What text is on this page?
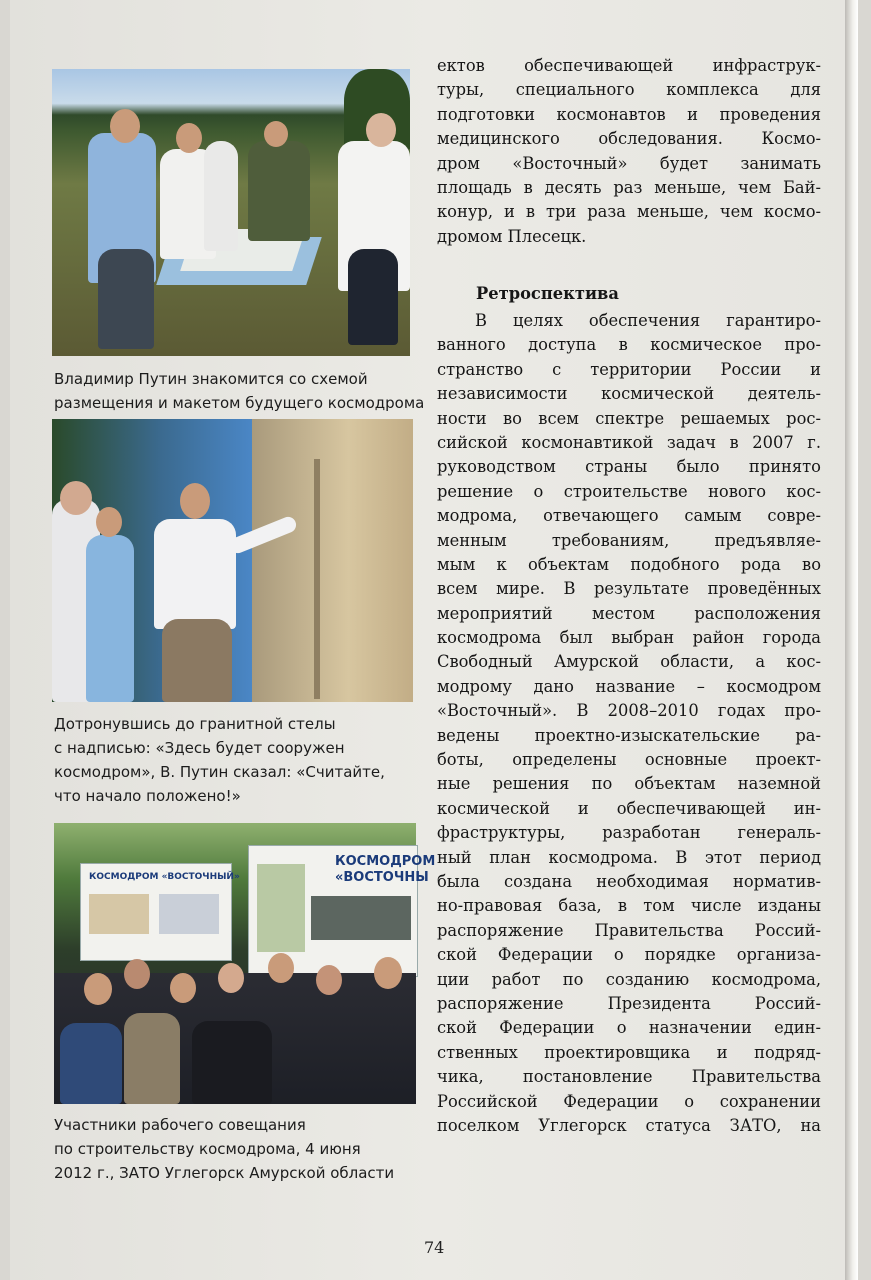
Владимир Путин знакомится со схемой
размещения и макетом будущего космодрома
Дотронувшись до гранитной стелы
с надписью: «Здесь будет сооружен
космодром», В. Путин сказал: «Считайте,
что начало положено!»
КОСМОДРОМ «ВОСТОЧНЫЙ»
КОСМОДРОМ
«ВОСТОЧНЫ
Участники рабочего совещания
по строительству космодрома, 4 июня
2012 г., ЗАТО Углегорск Амурской области
ектов обеспечивающей инфраструк-
туры, специального комплекса для
подготовки космонавтов и проведения
медицинского обследования. Космо-
дром «Восточный» будет занимать
площадь в десять раз меньше, чем Бай-
конур, и в три раза меньше, чем космо-
дромом Плесецк.
Ретроспектива
В целях обеспечения гарантиро-
ванного доступа в космическое про-
странство с территории России и
независимости космической деятель-
ности во всем спектре решаемых рос-
сийской космонавтикой задач в 2007 г.
руководством страны было принято
решение о строительстве нового кос-
модрома, отвечающего самым совре-
менным требованиям, предъявляе-
мым к объектам подобного рода во
всем мире. В результате проведённых
мероприятий местом расположения
космодрома был выбран район города
Свободный Амурской области, а кос-
модрому дано название – космодром
«Восточный». В 2008–2010 годах про-
ведены проектно-изыскательские ра-
боты, определены основные проект-
ные решения по объектам наземной
космической и обеспечивающей ин-
фраструктуры, разработан генераль-
ный план космодрома. В этот период
была создана необходимая норматив-
но-правовая база, в том числе изданы
распоряжение Правительства Россий-
ской Федерации о порядке организа-
ции работ по созданию космодрома,
распоряжение Президента Россий-
ской Федерации о назначении един-
ственных проектировщика и подряд-
чика, постановление Правительства
Российской Федерации о сохранении
поселком Углегорск статуса ЗАТО, на
74
